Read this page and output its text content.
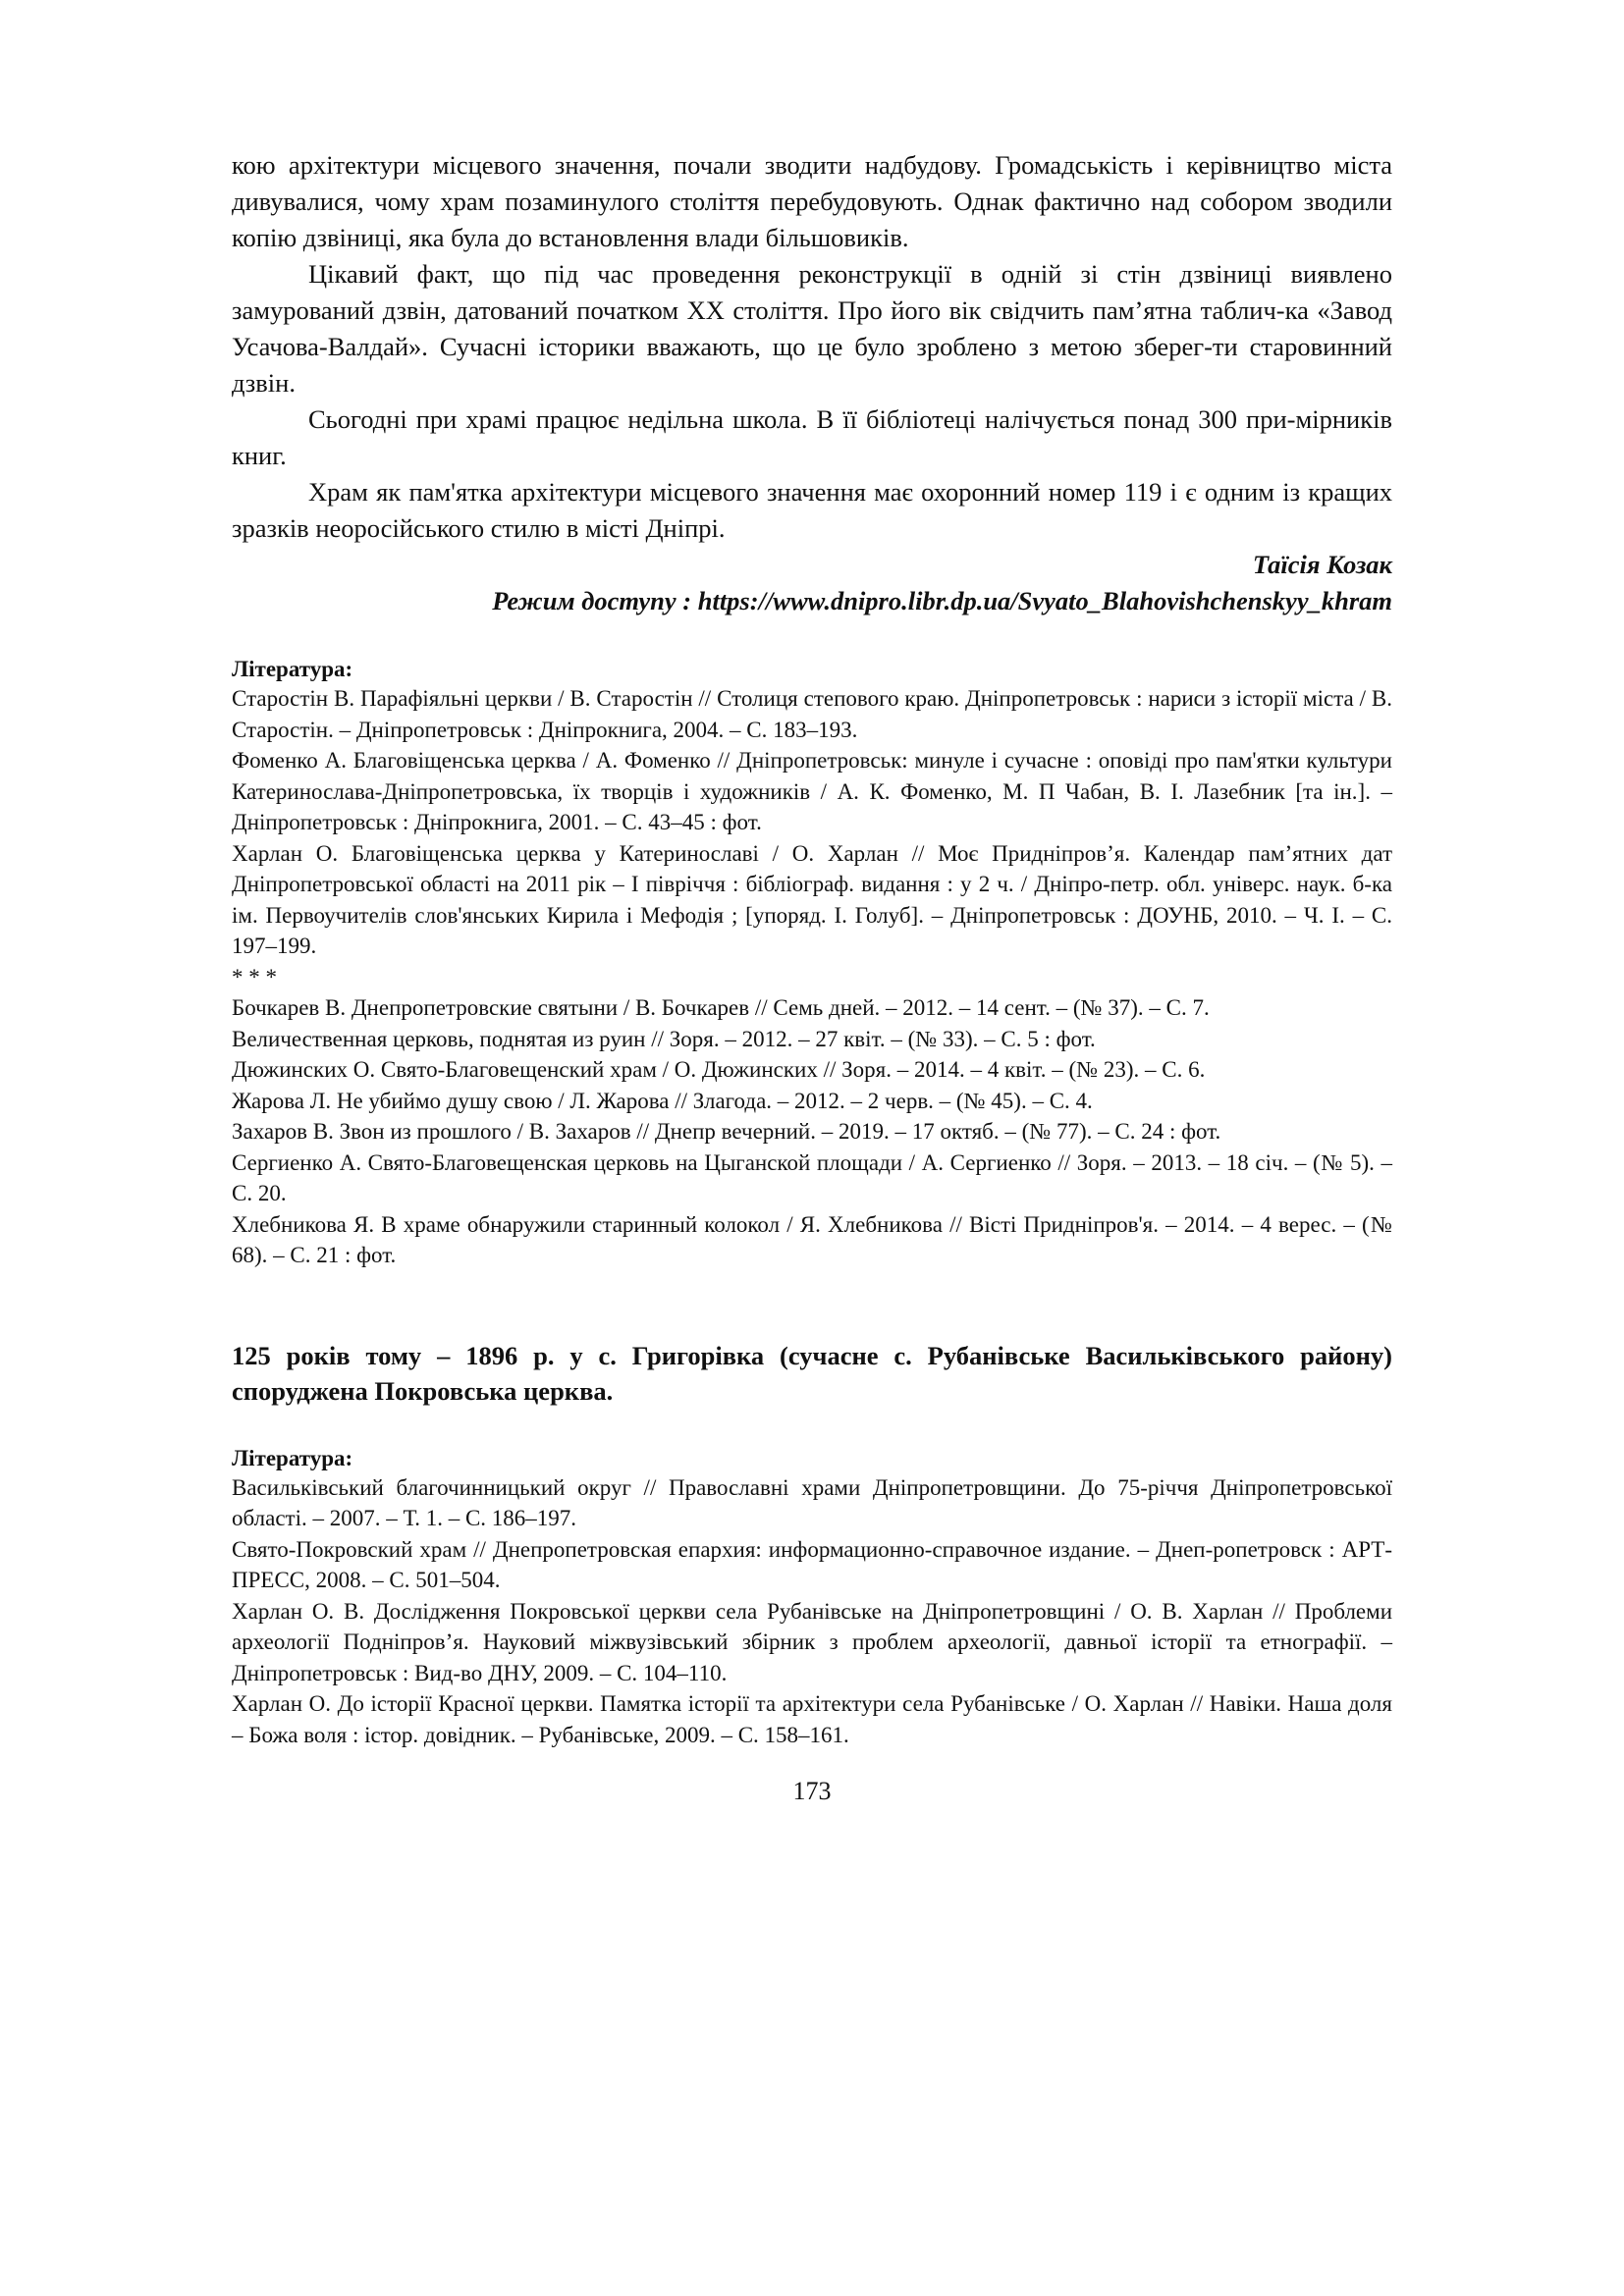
кою архітектури місцевого значення, почали зводити надбудову. Громадськість і керівництво міста дивувалися, чому храм позаминулого століття перебудовують. Однак фактично над собором зводили копію дзвіниці, яка була до встановлення влади більшовиків.

Цікавий факт, що під час проведення реконструкції в одній зі стін дзвіниці виявлено замурований дзвін, датований початком ХХ століття. Про його вік свідчить пам’ятна таблич-ка «Завод Усачова-Валдай». Сучасні історики вважають, що це було зроблено з метою зберег-ти старовинний дзвін.

Сьогодні при храмі працює недільна школа. В її бібліотеці налічується понад 300 при-мірників книг.

Храм як пам'ятка архітектури місцевого значення має охоронний номер 119 і є одним із кращих зразків неоросійського стилю в місті Дніпрі.

Таїсія Козак
Режим доступу : https://www.dnipro.libr.dp.ua/Svyato_Blahovishchenskyy_khram
Література:
Старостін В. Парафіяльні церкви / В. Старостін // Столиця степового краю. Дніпропетровськ : нариси з історії міста / В. Старостін. – Дніпропетровськ : Дніпрокнига, 2004. – С. 183–193.
Фоменко А. Благовіщенська церква / А. Фоменко // Дніпропетровськ: минуле і сучасне : оповіді про пам'ятки культури Катеринослава-Дніпропетровська, їх творців і художників / А. К. Фоменко, М. П Чабан, В. І. Лазебник [та ін.]. – Дніпропетровськ : Дніпрокнига, 2001. – С. 43–45 : фот.
Харлан О. Благовіщенська церква у Катеринославі / О. Харлан // Моє Придніпров’я. Календар пам’ятних дат Дніпропетровської області на 2011 рік – І півріччя : бібліограф. видання : у 2 ч. / Дніпро-петр. обл. універс. наук. б-ка ім. Первоучителів слов'янських Кирила і Мефодія ; [упоряд. І. Голуб]. – Дніпропетровськ : ДОУНБ, 2010. – Ч. І. – С. 197–199.
* * *
Бочкарев В. Днепропетровские святыни / В. Бочкарев // Семь дней. – 2012. – 14 сент. – (№ 37). – С. 7.
Величественная церковь, поднятая из руин // Зоря. – 2012. – 27 квіт. – (№ 33). – С. 5 : фот.
Дюжинских О. Свято-Благовещенский храм / О. Дюжинских // Зоря. – 2014. – 4 квіт. – (№ 23). – С. 6.
Жарова Л. Не убиймо душу свою / Л. Жарова // Злагода. – 2012. – 2 черв. – (№ 45). – С. 4.
Захаров В. Звон из прошлого / В. Захаров // Днепр вечерний. – 2019. – 17 октяб. – (№ 77). – С. 24 : фот.
Сергиенко А. Свято-Благовещенская церковь на Цыганской площади / А. Сергиенко // Зоря. – 2013. – 18 січ. – (№ 5). – С. 20.
Хлебникова Я. В храме обнаружили старинный колокол / Я. Хлебникова // Вісті Придніпров'я. – 2014. – 4 верес. – (№ 68). – С. 21 : фот.
125 років тому – 1896 р. у с. Григорівка (сучасне с. Рубанівське Васильківського району) споруджена Покровська церква.
Література:
Васильківський благочинницький округ // Православні храми Дніпропетровщини. До 75-річчя Дніпропетровської області. – 2007. – Т. 1. – С. 186–197.
Свято-Покровский храм // Днепропетровская епархия: информационно-справочное издание. – Днеп-ропетровск : АРТ-ПРЕСС, 2008. – С. 501–504.
Харлан О. В. Дослідження Покровської церкви села Рубанівське на Дніпропетровщині / О. В. Харлан // Проблеми археології Подніпров’я. Науковий міжвузівський збірник з проблем археології, давньої історії та етнографії. – Дніпропетровськ : Вид-во ДНУ, 2009. – С. 104–110.
Харлан О. До історії Красної церкви. Памятка історії та архітектури села Рубанівське / О. Харлан // Навіки. Наша доля – Божа воля : істор. довідник. – Рубанівське, 2009. – С. 158–161.
173
